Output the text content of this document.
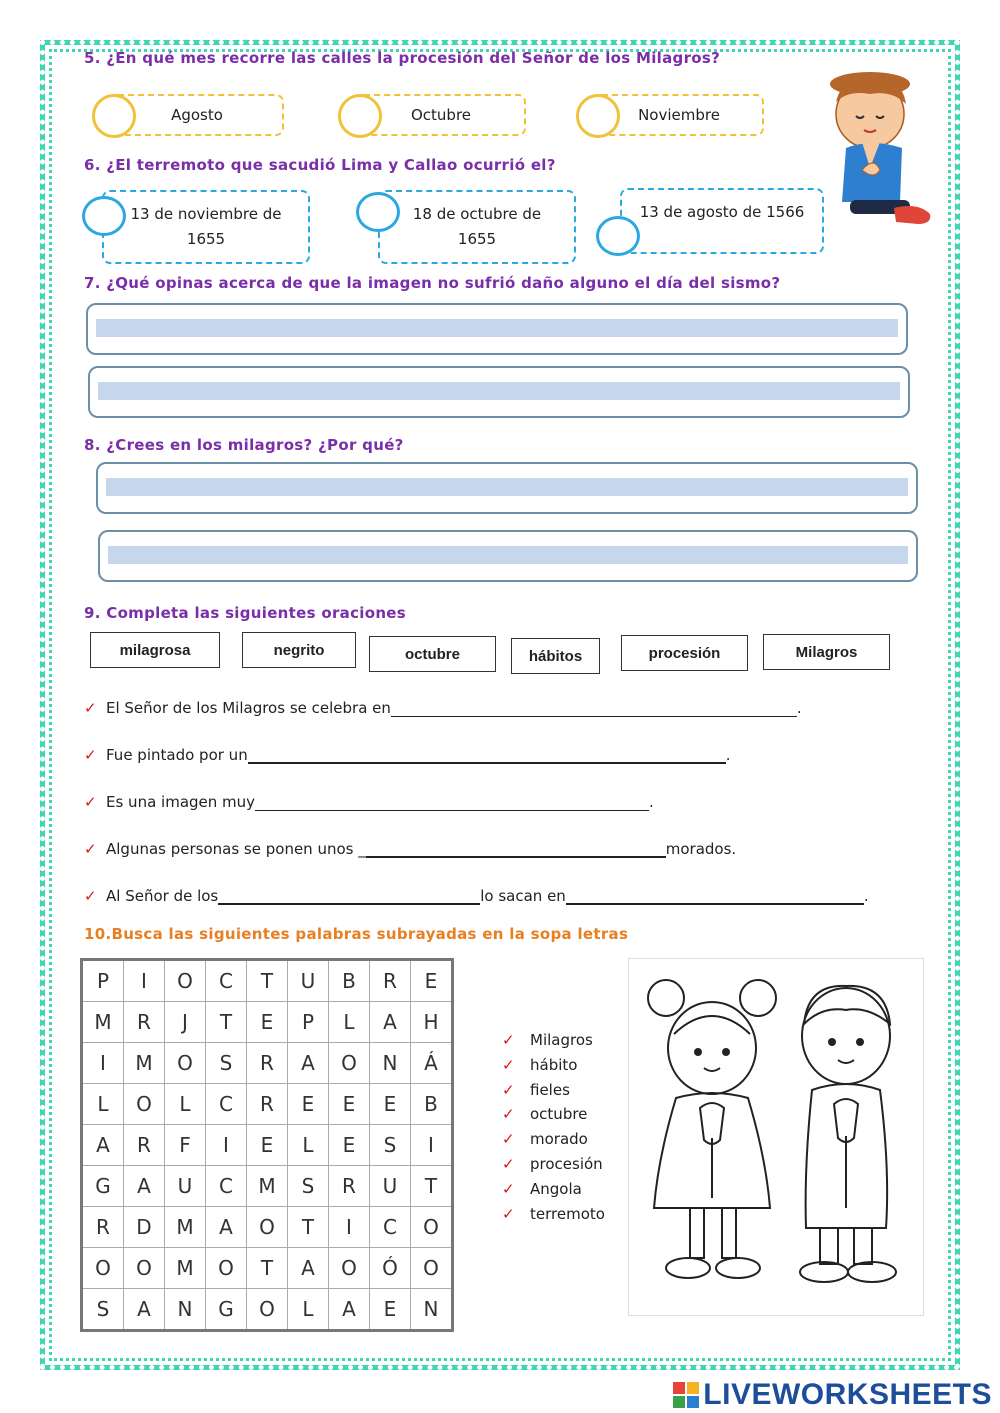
5. ¿En qué mes recorre las calles la procesión del Señor de los Milagros?
Agosto	Octubre	Noviembre
6. ¿El terremoto que sacudió Lima y Callao ocurrió el?
13 de noviembre de
1655
18 de octubre de
1655
13 de agosto de 1566
7. ¿Qué opinas acerca de que la imagen no sufrió daño alguno el día del sismo?
8. ¿Crees en los milagros? ¿Por qué?
9. Completa las siguientes oraciones
milagrosa	negrito	octubre	hábitos	procesión	Milagros
✓ El Señor de los Milagros se celebra en	.
✓ Fue pintado por un	.
✓ Es una imagen muy	.
✓ Algunas personas se ponen unos _	morados.
✓ Al Señor de los	lo sacan en	.
10.Busca las siguientes palabras subrayadas en la sopa letras
P	I	O	C	T	U	B	R	E
M	R	J	T	E	P	L	A	H
I	M	O	S	R	A	O	N	Á
L	O	L	C	R	E	E	E	B
A	R	F	I	E	L	E	S	I
G	A	U	C	M	S	R	U	T
R	D	M	A	O	T	I	C	O
O	O	M	O	T	A	O	Ó	O
S	A	N	G	O	L	A	E	N
✓	Milagros
✓	hábito
✓	fieles
✓	octubre
✓	morado
✓	procesión
✓	Angola
✓	terremoto
LIVEWORKSHEETS
